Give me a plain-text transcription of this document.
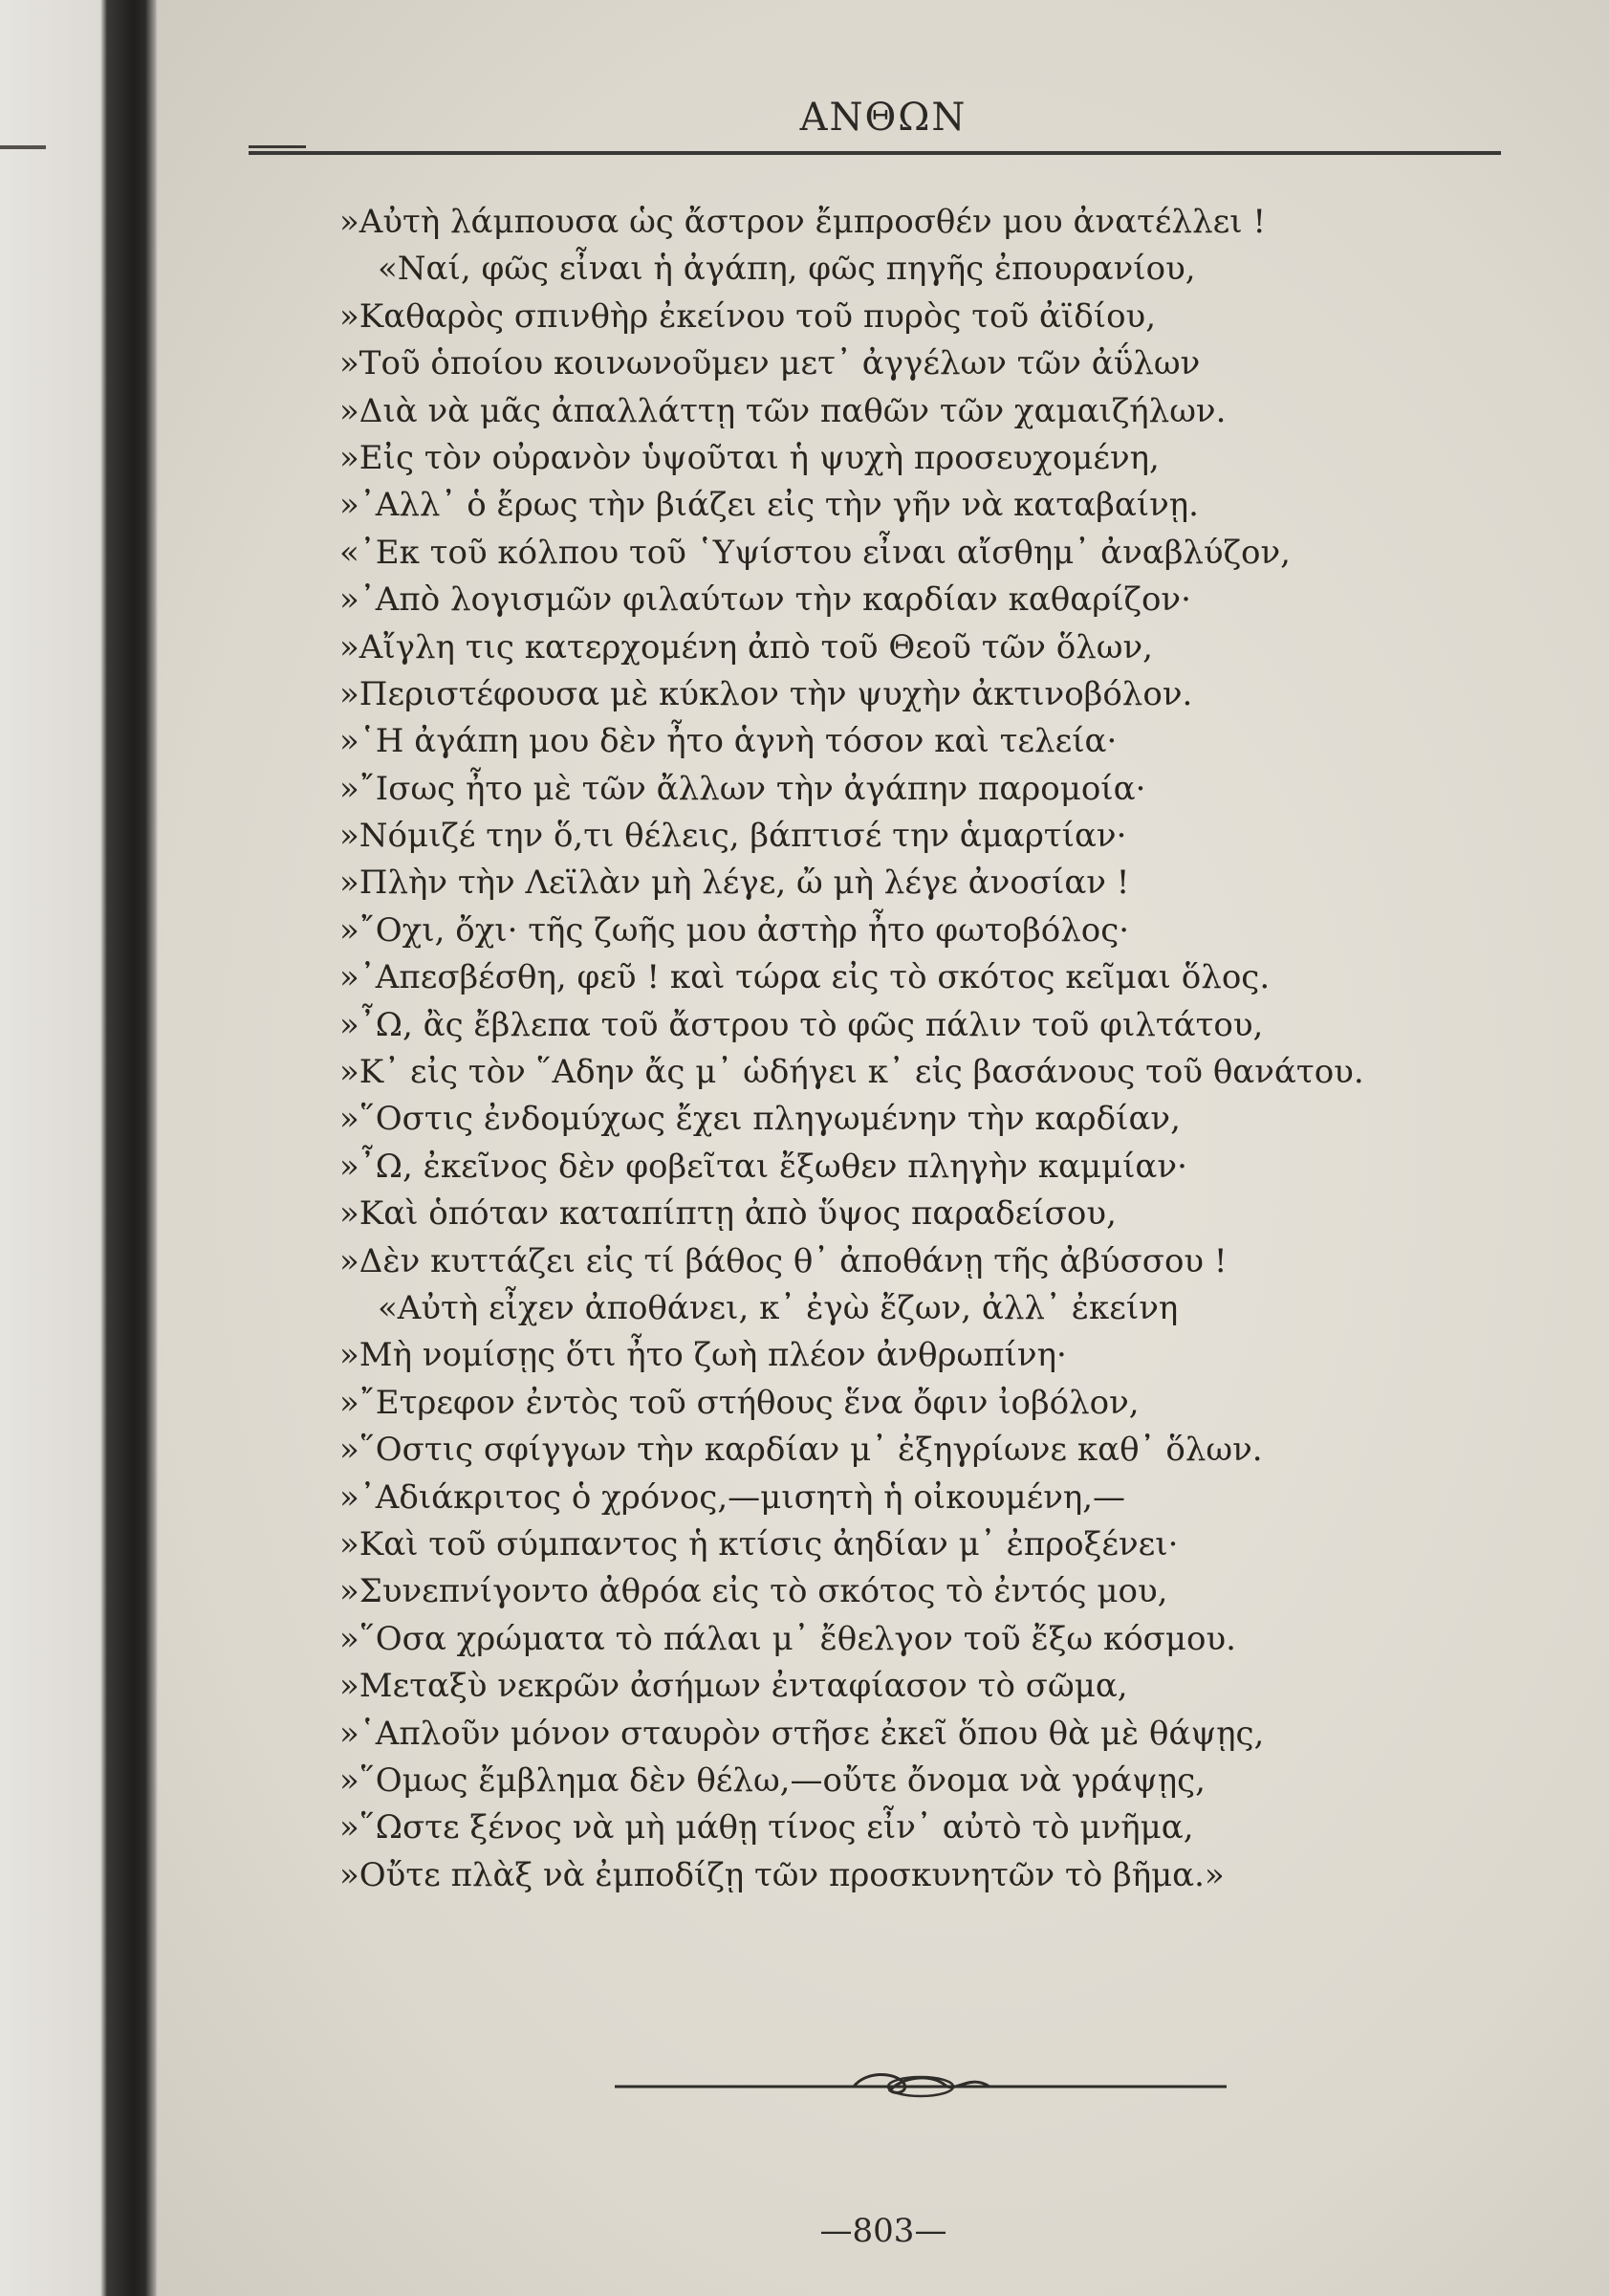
ΑΝΘΩΝ
»Αὐτὴ λάμπουσα ὡς ἄστρον ἔμπροσθέν μου ἀνατέλλει !
«Ναί, φῶς εἶναι ἡ ἀγάπη, φῶς πηγῆς ἐπουρανίου,
»Καθαρὸς σπινθὴρ ἐκείνου τοῦ πυρὸς τοῦ ἀϊδίου,
»Τοῦ ὁποίου κοινωνοῦμεν μετ᾽ ἀγγέλων τῶν ἀΰλων
»Διὰ νὰ μᾶς ἀπαλλάττῃ τῶν παθῶν τῶν χαμαιζήλων.
»Εἰς τὸν οὐρανὸν ὑψοῦται ἡ ψυχὴ προσευχομένη,
»᾽Αλλ᾽ ὁ ἔρως τὴν βιάζει εἰς τὴν γῆν νὰ καταβαίνῃ.
«᾽Εκ τοῦ κόλπου τοῦ ῾Υψίστου εἶναι αἴσθημ᾽ ἀναβλύζον,
»᾽Απὸ λογισμῶν φιλαύτων τὴν καρδίαν καθαρίζον·
»Αἴγλη τις κατερχομένη ἀπὸ τοῦ Θεοῦ τῶν ὅλων,
»Περιστέφουσα μὲ κύκλον τὴν ψυχὴν ἀκτινοβόλον.
»῾Η ἀγάπη μου δὲν ἦτο ἁγνὴ τόσον καὶ τελεία·
»῎Ισως ἦτο μὲ τῶν ἄλλων τὴν ἀγάπην παρομοία·
»Νόμιζέ την ὅ,τι θέλεις, βάπτισέ την ἁμαρτίαν·
»Πλὴν τὴν Λεϊλὰν μὴ λέγε, ὤ μὴ λέγε ἀνοσίαν !
»῎Οχι, ὄχι· τῆς ζωῆς μου ἀστὴρ ἦτο φωτοβόλος·
»᾽Απεσβέσθη, φεῦ ! καὶ τώρα εἰς τὸ σκότος κεῖμαι ὅλος.
»῏Ω, ἂς ἔβλεπα τοῦ ἄστρου τὸ φῶς πάλιν τοῦ φιλτάτου,
»Κ᾽ εἰς τὸν ῞Αδην ἄς μ᾽ ὡδήγει κ᾽ εἰς βασάνους τοῦ θανάτου.
»῞Οστις ἐνδομύχως ἔχει πληγωμένην τὴν καρδίαν,
»῏Ω, ἐκεῖνος δὲν φοβεῖται ἔξωθεν πληγὴν καμμίαν·
»Καὶ ὁπόταν καταπίπτῃ ἀπὸ ὕψος παραδείσου,
»Δὲν κυττάζει εἰς τί βάθος θ᾽ ἀποθάνῃ τῆς ἀβύσσου !
«Αὐτὴ εἶχεν ἀποθάνει, κ᾽ ἐγὼ ἔζων, ἀλλ᾽ ἐκείνη
»Μὴ νομίσῃς ὅτι ἦτο ζωὴ πλέον ἀνθρωπίνη·
»῎Ετρεφον ἐντὸς τοῦ στήθους ἕνα ὄφιν ἰοβόλον,
»῞Οστις σφίγγων τὴν καρδίαν μ᾽ ἐξηγρίωνε καθ᾽ ὅλων.
»᾽Αδιάκριτος ὁ χρόνος,—μισητὴ ἡ οἰκουμένη,—
»Καὶ τοῦ σύμπαντος ἡ κτίσις ἀηδίαν μ᾽ ἐπροξένει·
»Συνεπνίγοντο ἀθρόα εἰς τὸ σκότος τὸ ἐντός μου,
»῞Οσα χρώματα τὸ πάλαι μ᾽ ἔθελγον τοῦ ἔξω κόσμου.
»Μεταξὺ νεκρῶν ἀσήμων ἐνταφίασον τὸ σῶμα,
»῾Απλοῦν μόνον σταυρὸν στῆσε ἐκεῖ ὅπου θὰ μὲ θάψῃς,
»῞Ομως ἔμβλημα δὲν θέλω,—οὔτε ὄνομα νὰ γράψῃς,
»῞Ωστε ξένος νὰ μὴ μάθῃ τίνος εἶν᾽ αὐτὸ τὸ μνῆμα,
»Οὔτε πλὰξ νὰ ἐμποδίζῃ τῶν προσκυνητῶν τὸ βῆμα.»
—803—
